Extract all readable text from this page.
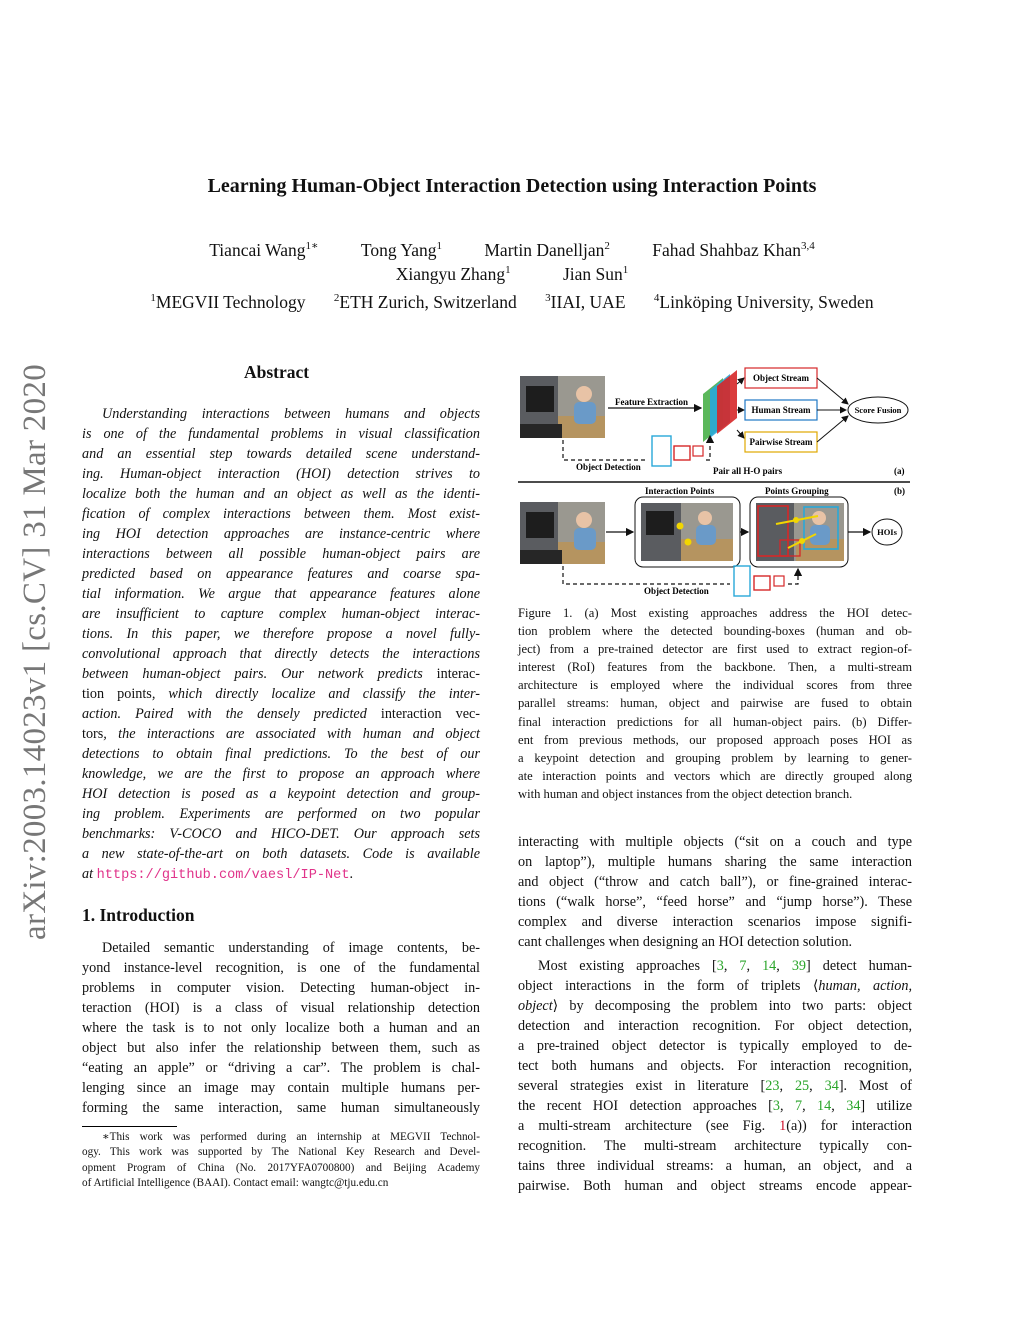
Learning Human-Object Interaction Detection using Interaction Points
Tiancai Wang$^{1∗}$ Tong Yang$^1$ Martin Danelljan$^2$ Fahad Shahbaz Khan$^{3,4}$
Xiangyu Zhang$^1$	Jian Sun$^1$
$^1$MEGVII Technology	$^2$ETH Zurich, Switzerland	$^3$IIAI, UAE	$^4$Linköping University, Sweden
arXiv:2003.14023v1 [cs.CV] 31 Mar 2020	Abstract
Understanding interactions between humans and objects
is one of the fundamental problems in visual classification
and an essential step towards detailed scene understand-
ing. Human-object interaction (HOI) detection strives to
localize both the human and an object as well as the identi-
fication of complex interactions between them. Most exist-
ing HOI detection approaches are instance-centric where
interactions between all possible human-object pairs are
predicted based on appearance features and coarse spa-
tial information. We argue that appearance features alone
are insufficient to capture complex human-object interac-
tions. In this paper, we therefore propose a novel fully-
convolutional approach that directly detects the interactions
between human-object pairs. Our network predicts interac-
tion points, which directly localize and classify the inter-
action. Paired with the densely predicted interaction vec-
tors, the interactions are associated with human and object
detections to obtain final predictions. To the best of our
knowledge, we are the first to propose an approach where
HOI detection is posed as a keypoint detection and group-
ing problem. Experiments are performed on two popular
benchmarks: V-COCO and HICO-DET. Our approach sets
a new state-of-the-art on both datasets. Code is available
at https://github.com/vaesl/IP-Net.
1. Introduction
Detailed semantic understanding of image contents, be-
yond instance-level recognition, is one of the fundamental
problems in computer vision. Detecting human-object in-
teraction (HOI) is a class of visual relationship detection
where the task is to not only localize both a human and an
object but also infer the relationship between them, such as
“eating an apple” or “driving a car”. The problem is chal-
lenging since an image may contain multiple humans per-
forming the same interaction, same human simultaneously
∗This work was performed during an internship at MEGVII Technol-
ogy. This work was supported by The National Key Research and Devel-
opment Program of China (No. 2017YFA0700800) and Beijing Academy
of Artificial Intelligence (BAAI). Contact email: wangtc@tju.edu.cn
Feature Extraction
Object Stream
Human Stream
Pairwise Stream
Score Fusion
Object Detection	Pair all H-O pairs	(a)
Interaction Points	Points Grouping	(b)
HOIs
Object Detection
Figure 1. (a) Most existing approaches address the HOI detec-
tion problem where the detected bounding-boxes (human and ob-
ject) from a pre-trained detector are first used to extract region-of-
interest (RoI) features from the backbone. Then, a multi-stream
architecture is employed where the individual scores from three
parallel streams: human, object and pairwise are fused to obtain
final interaction predictions for all human-object pairs. (b) Differ-
ent from previous methods, our proposed approach poses HOI as
a keypoint detection and grouping problem by learning to gener-
ate interaction points and vectors which are directly grouped along
with human and object instances from the object detection branch.
interacting with multiple objects (“sit on a couch and type
on laptop”), multiple humans sharing the same interaction
and object (“throw and catch ball”), or fine-grained interac-
tions (“walk horse”, “feed horse” and “jump horse”). These
complex and diverse interaction scenarios impose signifi-
cant challenges when designing an HOI detection solution.
Most existing approaches [3, 7, 14, 39] detect human-
object interactions in the form of triplets ⟨human, action,
object⟩ by decomposing the problem into two parts: object
detection and interaction recognition. For object detection,
a pre-trained object detector is typically employed to de-
tect both humans and objects. For interaction recognition,
several strategies exist in literature [23, 25, 34]. Most of
the recent HOI detection approaches [3, 7, 14, 34] utilize
a multi-stream architecture (see Fig. 1(a)) for interaction
recognition. The multi-stream architecture typically con-
tains three individual streams: a human, an object, and a
pairwise. Both human and object streams encode appear-
